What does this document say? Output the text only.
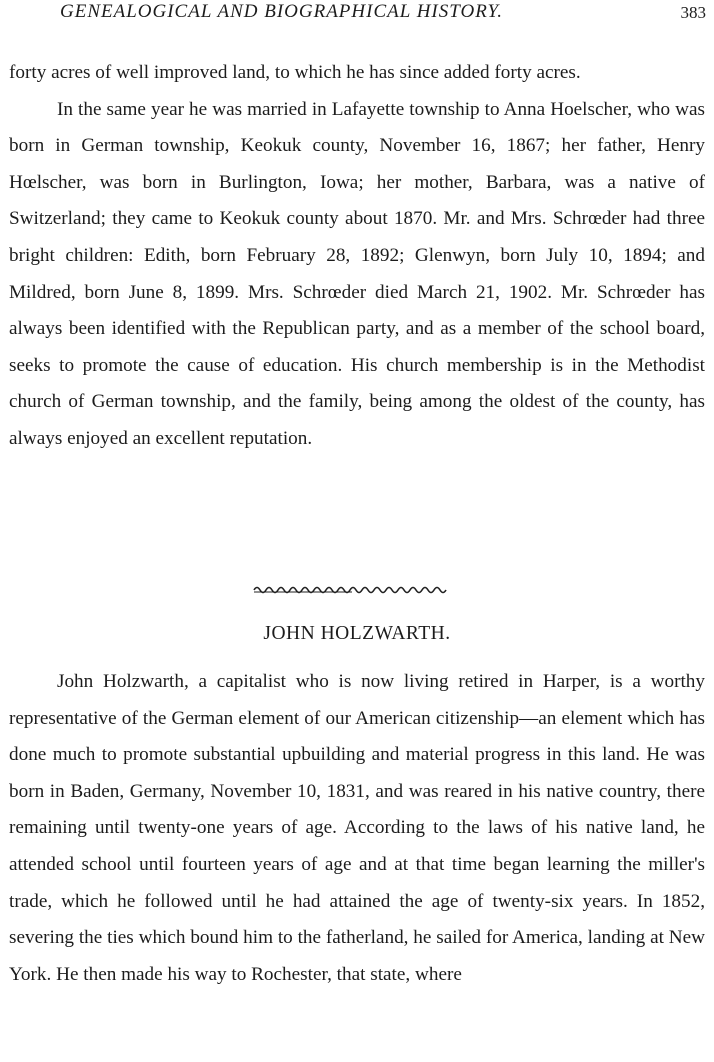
GENEALOGICAL AND BIOGRAPHICAL HISTORY.	383

forty acres of well improved land, to which he has since added forty acres.

In the same year he was married in Lafayette township to Anna Hoelscher, who was born in German township, Keokuk county, November 16, 1867; her father, Henry Hœlscher, was born in Burlington, Iowa; her mother, Barbara, was a native of Switzerland; they came to Keokuk county about 1870. Mr. and Mrs. Schrœder had three bright children: Edith, born February 28, 1892; Glenwyn, born July 10, 1894; and Mildred, born June 8, 1899. Mrs. Schrœder died March 21, 1902. Mr. Schrœder has always been identified with the Republican party, and as a member of the school board, seeks to promote the cause of education. His church membership is in the Methodist church of German township, and the family, being among the oldest of the county, has always enjoyed an excellent reputation.

JOHN HOLZWARTH.

John Holzwarth, a capitalist who is now living retired in Harper, is a worthy representative of the German element of our American citizenship—an element which has done much to promote substantial upbuilding and material progress in this land. He was born in Baden, Germany, November 10, 1831, and was reared in his native country, there remaining until twenty-one years of age. According to the laws of his native land, he attended school until fourteen years of age and at that time began learning the miller's trade, which he followed until he had attained the age of twenty-six years. In 1852, severing the ties which bound him to the fatherland, he sailed for America, landing at New York. He then made his way to Rochester, that state, where
